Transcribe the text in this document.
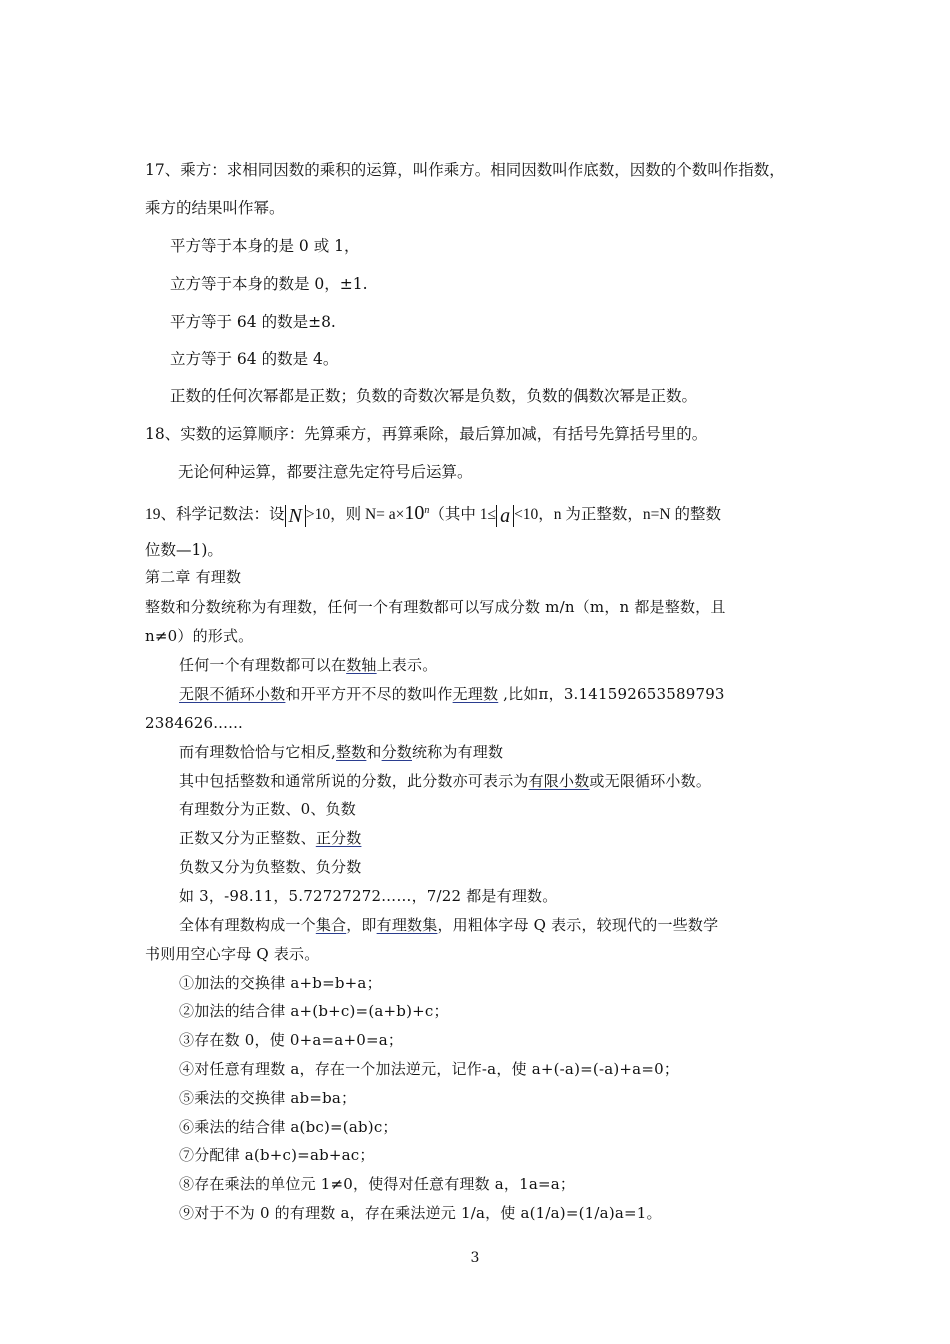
17、乘方：求相同因数的乘积的运算，叫作乘方。相同因数叫作底数，因数的个数叫作指数，
乘方的结果叫作幂。
平方等于本身的是 0 或 1，
立方等于本身的数是 0，±1.
平方等于 64 的数是±8.
立方等于 64 的数是 4。
正数的任何次幂都是正数；负数的奇数次幂是负数，负数的偶数次幂是正数。
18、实数的运算顺序：先算乘方，再算乘除，最后算加减，有括号先算括号里的。
无论何种运算，都要注意先定符号后运算。
19、科学记数法：设 N >10，则 $N= a\times 10^n$（其中 1≤ a <10，n 为正整数，n=N 的整数
位数—1)。
第二章 有理数
整数和分数统称为有理数，任何一个有理数都可以写成分数 m/n（m，n 都是整数，且
n≠0）的形式。
任何一个有理数都可以在数轴上表示。
无限不循环小数和开平方开不尽的数叫作无理数 ,比如π，3.141592653589793
2384626......
而有理数恰恰与它相反,整数和分数统称为有理数
其中包括整数和通常所说的分数，此分数亦可表示为有限小数或无限循环小数。
有理数分为正数、0、负数
正数又分为正整数、正分数
负数又分为负整数、负分数
如 3，-98.11，5.72727272……，7/22 都是有理数。
全体有理数构成一个集合，即有理数集，用粗体字母 Q 表示，较现代的一些数学
书则用空心字母 Q 表示。
①加法的交换律 a+b=b+a；
②加法的结合律 a+(b+c)=(a+b)+c；
③存在数 0，使 0+a=a+0=a；
④对任意有理数 a，存在一个加法逆元，记作-a，使 a+(-a)=(-a)+a=0；
⑤乘法的交换律 ab=ba；
⑥乘法的结合律 a(bc)=(ab)c；
⑦分配律 a(b+c)=ab+ac；
⑧存在乘法的单位元 1≠0，使得对任意有理数 a，1a=a；
⑨对于不为 0 的有理数 a，存在乘法逆元 1/a，使 a(1/a)=(1/a)a=1。
3
